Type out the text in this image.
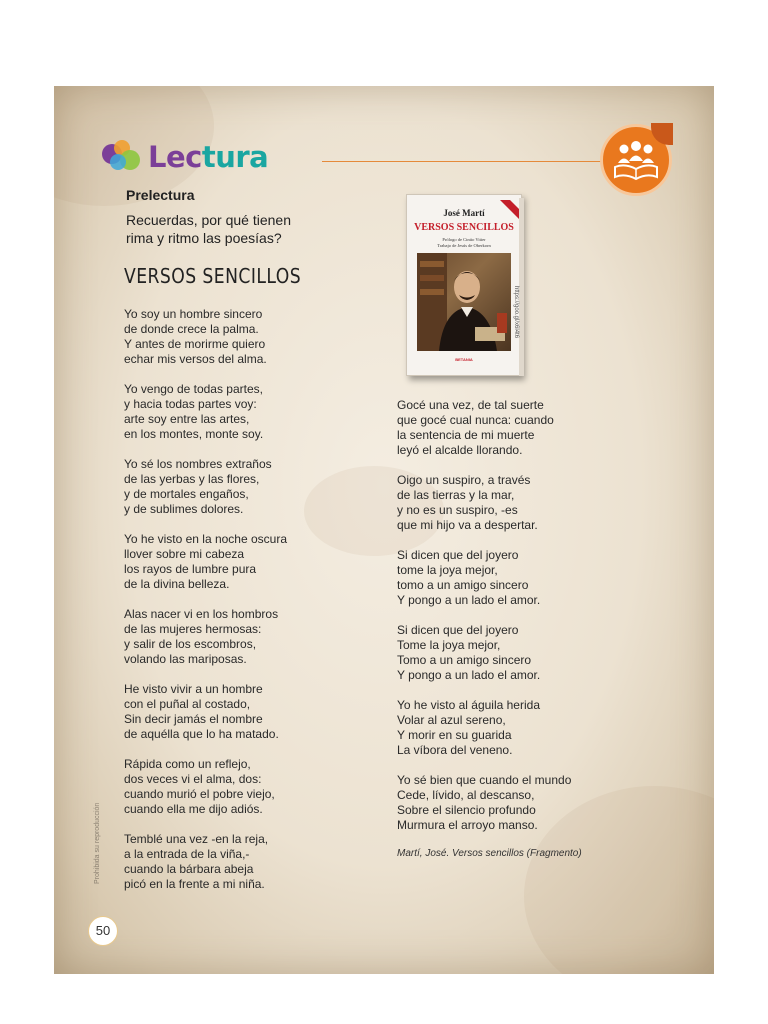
Lectura
Prelectura
Recuerdas, por qué tienen
rima y ritmo las poesías?
VERSOS SENCILLOS
Yo soy un hombre sincero
de donde crece la palma.
Y antes de morirme quiero
echar mis versos del alma.
Yo vengo de todas partes,
y hacia todas partes voy:
arte soy entre las artes,
en los montes, monte soy.
Yo sé los nombres extraños
de las yerbas y las flores,
y de mortales engaños,
y de sublimes dolores.
Yo he visto en la noche oscura
llover sobre mi cabeza
los rayos de lumbre pura
de la divina belleza.
Alas nacer vi en los hombros
de las mujeres hermosas:
y salir de los escombros,
volando las mariposas.
He visto vivir a un hombre
con el puñal al costado,
Sin decir jamás el nombre
de aquélla que lo ha matado.
Rápida como un reflejo,
dos veces vi el alma, dos:
cuando murió el pobre viejo,
cuando ella me dijo adiós.
Temblé una vez -en la reja,
a la entrada de la viña,-
cuando la bárbara abeja
picó en la frente a mi niña.
José Martí
VERSOS SENCILLOS
Prólogo de Cintio Vitier
Trabajo de Jesús de Oberkorn
BETANIA
https://goo.gl/x6l4t6
Gocé una vez, de tal suerte
que gocé cual nunca: cuando
la sentencia de mi muerte
leyó el alcalde llorando.
Oigo un suspiro, a través
de las tierras y la mar,
y no es un suspiro, -es
que mi hijo va a despertar.
Si dicen que del joyero
tome la joya mejor,
tomo a un amigo sincero
Y pongo a un lado el amor.
Si dicen que del joyero
Tome la joya mejor,
Tomo a un amigo sincero
Y pongo a un lado el amor.
Yo he visto al águila herida
Volar al azul sereno,
Y morir en su guarida
La víbora del veneno.
Yo sé bien que cuando el mundo
Cede, lívido, al descanso,
Sobre el silencio profundo
Murmura el arroyo manso.
Martí, José. Versos sencillos (Fragmento)
Prohibida su reproducción
50
